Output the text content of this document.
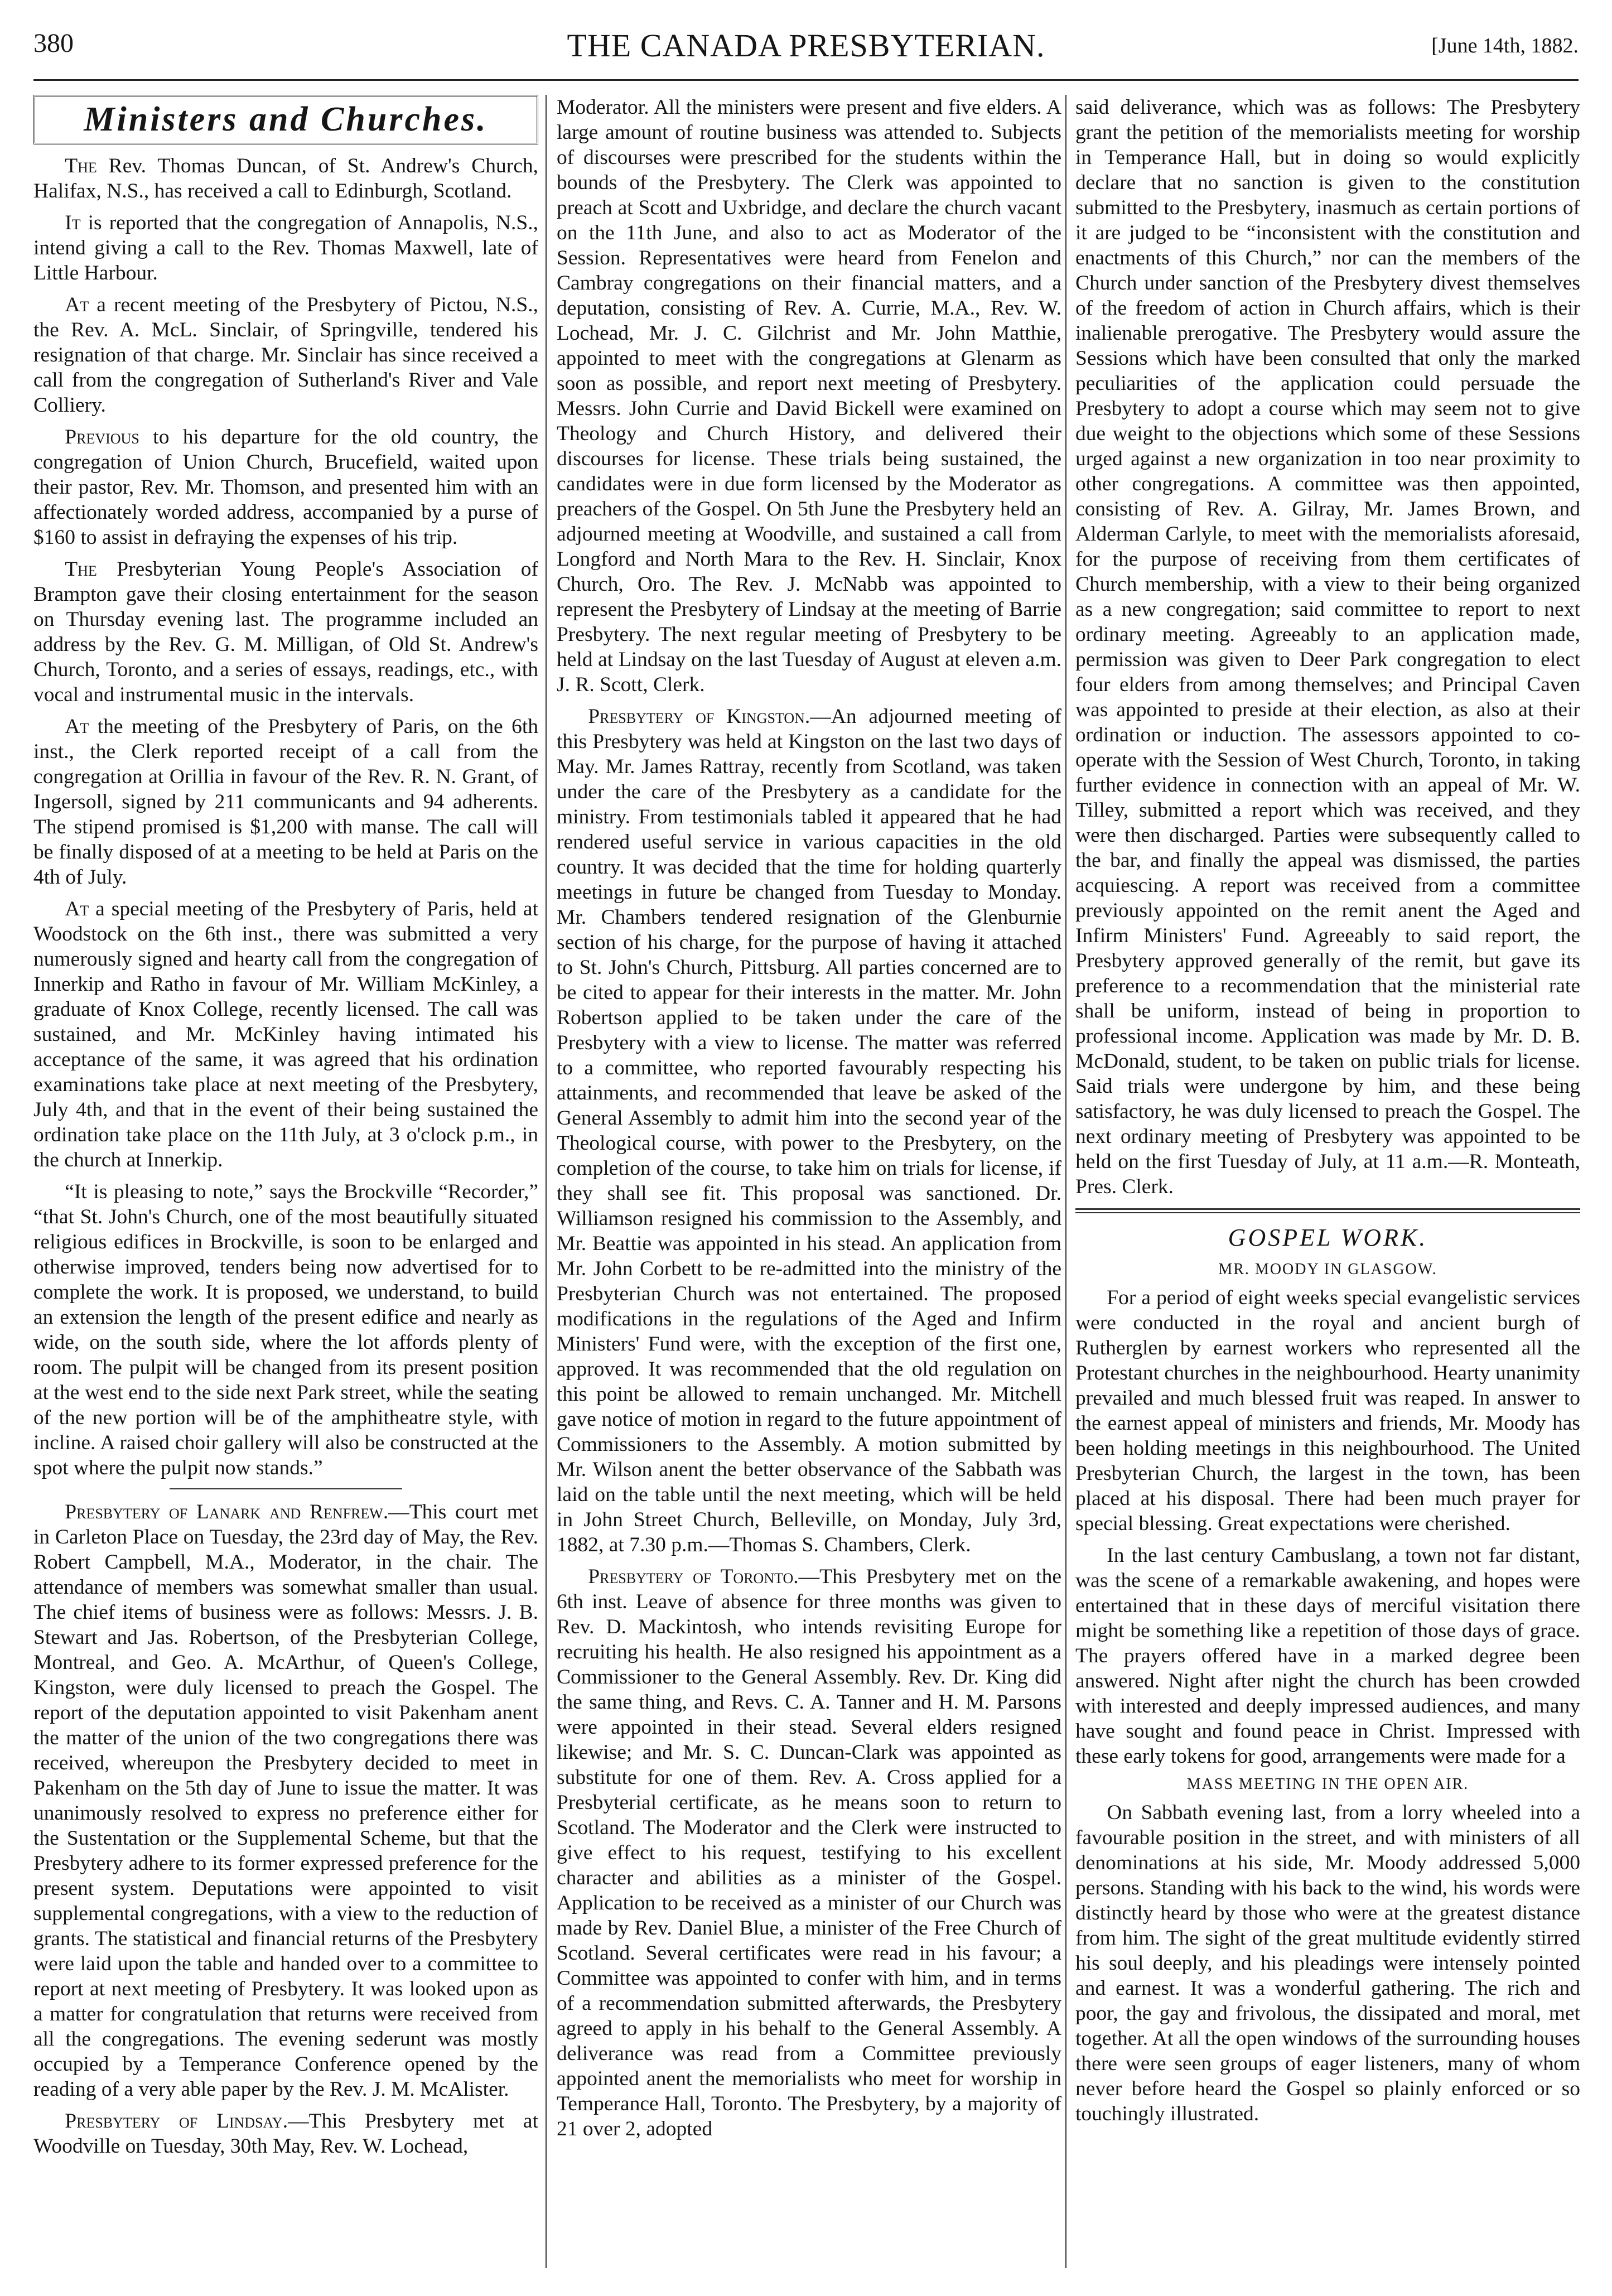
380	THE CANADA PRESBYTERIAN.	[June 14th, 1882.
Ministers and Churches.

The Rev. Thomas Duncan, of St. Andrew's Church, Halifax, N.S., has received a call to Edinburgh, Scotland.

It is reported that the congregation of Annapolis, N.S., intend giving a call to the Rev. Thomas Maxwell, late of Little Harbour.

At a recent meeting of the Presbytery of Pictou, N.S., the Rev. A. McL. Sinclair, of Springville, tendered his resignation of that charge. Mr. Sinclair has since received a call from the congregation of Sutherland's River and Vale Colliery.

Previous to his departure for the old country, the congregation of Union Church, Brucefield, waited upon their pastor, Rev. Mr. Thomson, and presented him with an affectionately worded address, accompanied by a purse of $160 to assist in defraying the expenses of his trip.

The Presbyterian Young People's Association of Brampton gave their closing entertainment for the season on Thursday evening last. The programme included an address by the Rev. G. M. Milligan, of Old St. Andrew's Church, Toronto, and a series of essays, readings, etc., with vocal and instrumental music in the intervals.

At the meeting of the Presbytery of Paris, on the 6th inst., the Clerk reported receipt of a call from the congregation at Orillia in favour of the Rev. R. N. Grant, of Ingersoll, signed by 211 communicants and 94 adherents. The stipend promised is $1,200 with manse. The call will be finally disposed of at a meeting to be held at Paris on the 4th of July.

At a special meeting of the Presbytery of Paris, held at Woodstock on the 6th inst., there was submitted a very numerously signed and hearty call from the congregation of Innerkip and Ratho in favour of Mr. William McKinley, a graduate of Knox College, recently licensed. The call was sustained, and Mr. McKinley having intimated his acceptance of the same, it was agreed that his ordination examinations take place at next meeting of the Presbytery, July 4th, and that in the event of their being sustained the ordination take place on the 11th July, at 3 o'clock p.m., in the church at Innerkip.

“It is pleasing to note,” says the Brockville “Recorder,” “that St. John's Church, one of the most beautifully situated religious edifices in Brockville, is soon to be enlarged and otherwise improved, tenders being now advertised for to complete the work. It is proposed, we understand, to build an extension the length of the present edifice and nearly as wide, on the south side, where the lot affords plenty of room. The pulpit will be changed from its present position at the west end to the side next Park street, while the seating of the new portion will be of the amphitheatre style, with incline. A raised choir gallery will also be constructed at the spot where the pulpit now stands.”

Presbytery of Lanark and Renfrew.—This court met in Carleton Place on Tuesday, the 23rd day of May, the Rev. Robert Campbell, M.A., Moderator, in the chair. The attendance of members was somewhat smaller than usual. The chief items of business were as follows: Messrs. J. B. Stewart and Jas. Robertson, of the Presbyterian College, Montreal, and Geo. A. McArthur, of Queen's College, Kingston, were duly licensed to preach the Gospel. The report of the deputation appointed to visit Pakenham anent the matter of the union of the two congregations there was received, whereupon the Presbytery decided to meet in Pakenham on the 5th day of June to issue the matter. It was unanimously resolved to express no preference either for the Sustentation or the Supplemental Scheme, but that the Presbytery adhere to its former expressed preference for the present system. Deputations were appointed to visit supplemental congregations, with a view to the reduction of grants. The statistical and financial returns of the Presbytery were laid upon the table and handed over to a committee to report at next meeting of Presbytery. It was looked upon as a matter for congratulation that returns were received from all the congregations. The evening sederunt was mostly occupied by a Temperance Conference opened by the reading of a very able paper by the Rev. J. M. McAlister.

Presbytery of Lindsay.—This Presbytery met at Woodville on Tuesday, 30th May, Rev. W. Lochead,

Moderator. All the ministers were present and five elders. A large amount of routine business was attended to. Subjects of discourses were prescribed for the students within the bounds of the Presbytery. The Clerk was appointed to preach at Scott and Uxbridge, and declare the church vacant on the 11th June, and also to act as Moderator of the Session. Representatives were heard from Fenelon and Cambray congregations on their financial matters, and a deputation, consisting of Rev. A. Currie, M.A., Rev. W. Lochead, Mr. J. C. Gilchrist and Mr. John Matthie, appointed to meet with the congregations at Glenarm as soon as possible, and report next meeting of Presbytery. Messrs. John Currie and David Bickell were examined on Theology and Church History, and delivered their discourses for license. These trials being sustained, the candidates were in due form licensed by the Moderator as preachers of the Gospel. On 5th June the Presbytery held an adjourned meeting at Woodville, and sustained a call from Longford and North Mara to the Rev. H. Sinclair, Knox Church, Oro. The Rev. J. McNabb was appointed to represent the Presbytery of Lindsay at the meeting of Barrie Presbytery. The next regular meeting of Presbytery to be held at Lindsay on the last Tuesday of August at eleven a.m. J. R. Scott, Clerk.

Presbytery of Kingston.—An adjourned meeting of this Presbytery was held at Kingston on the last two days of May. Mr. James Rattray, recently from Scotland, was taken under the care of the Presbytery as a candidate for the ministry. From testimonials tabled it appeared that he had rendered useful service in various capacities in the old country. It was decided that the time for holding quarterly meetings in future be changed from Tuesday to Monday. Mr. Chambers tendered resignation of the Glenburnie section of his charge, for the purpose of having it attached to St. John's Church, Pittsburg. All parties concerned are to be cited to appear for their interests in the matter. Mr. John Robertson applied to be taken under the care of the Presbytery with a view to license. The matter was referred to a committee, who reported favourably respecting his attainments, and recommended that leave be asked of the General Assembly to admit him into the second year of the Theological course, with power to the Presbytery, on the completion of the course, to take him on trials for license, if they shall see fit. This proposal was sanctioned. Dr. Williamson resigned his commission to the Assembly, and Mr. Beattie was appointed in his stead. An application from Mr. John Corbett to be re-admitted into the ministry of the Presbyterian Church was not entertained. The proposed modifications in the regulations of the Aged and Infirm Ministers' Fund were, with the exception of the first one, approved. It was recommended that the old regulation on this point be allowed to remain unchanged. Mr. Mitchell gave notice of motion in regard to the future appointment of Commissioners to the Assembly. A motion submitted by Mr. Wilson anent the better observance of the Sabbath was laid on the table until the next meeting, which will be held in John Street Church, Belleville, on Monday, July 3rd, 1882, at 7.30 p.m.—Thomas S. Chambers, Clerk.

Presbytery of Toronto.—This Presbytery met on the 6th inst. Leave of absence for three months was given to Rev. D. Mackintosh, who intends revisiting Europe for recruiting his health. He also resigned his appointment as a Commissioner to the General Assembly. Rev. Dr. King did the same thing, and Revs. C. A. Tanner and H. M. Parsons were appointed in their stead. Several elders resigned likewise; and Mr. S. C. Duncan-Clark was appointed as substitute for one of them. Rev. A. Cross applied for a Presbyterial certificate, as he means soon to return to Scotland. The Moderator and the Clerk were instructed to give effect to his request, testifying to his excellent character and abilities as a minister of the Gospel. Application to be received as a minister of our Church was made by Rev. Daniel Blue, a minister of the Free Church of Scotland. Several certificates were read in his favour; a Committee was appointed to confer with him, and in terms of a recommendation submitted afterwards, the Presbytery agreed to apply in his behalf to the General Assembly. A deliverance was read from a Committee previously appointed anent the memorialists who meet for worship in Temperance Hall, Toronto. The Presbytery, by a majority of 21 over 2, adopted

said deliverance, which was as follows: The Presbytery grant the petition of the memorialists meeting for worship in Temperance Hall, but in doing so would explicitly declare that no sanction is given to the constitution submitted to the Presbytery, inasmuch as certain portions of it are judged to be “inconsistent with the constitution and enactments of this Church,” nor can the members of the Church under sanction of the Presbytery divest themselves of the freedom of action in Church affairs, which is their inalienable prerogative. The Presbytery would assure the Sessions which have been consulted that only the marked peculiarities of the application could persuade the Presbytery to adopt a course which may seem not to give due weight to the objections which some of these Sessions urged against a new organization in too near proximity to other congregations. A committee was then appointed, consisting of Rev. A. Gilray, Mr. James Brown, and Alderman Carlyle, to meet with the memorialists aforesaid, for the purpose of receiving from them certificates of Church membership, with a view to their being organized as a new congregation; said committee to report to next ordinary meeting. Agreeably to an application made, permission was given to Deer Park congregation to elect four elders from among themselves; and Principal Caven was appointed to preside at their election, as also at their ordination or induction. The assessors appointed to co-operate with the Session of West Church, Toronto, in taking further evidence in connection with an appeal of Mr. W. Tilley, submitted a report which was received, and they were then discharged. Parties were subsequently called to the bar, and finally the appeal was dismissed, the parties acquiescing. A report was received from a committee previously appointed on the remit anent the Aged and Infirm Ministers' Fund. Agreeably to said report, the Presbytery approved generally of the remit, but gave its preference to a recommendation that the ministerial rate shall be uniform, instead of being in proportion to professional income. Application was made by Mr. D. B. McDonald, student, to be taken on public trials for license. Said trials were undergone by him, and these being satisfactory, he was duly licensed to preach the Gospel. The next ordinary meeting of Presbytery was appointed to be held on the first Tuesday of July, at 11 a.m.—R. Monteath, Pres. Clerk.

GOSPEL WORK.
MR. MOODY IN GLASGOW.

For a period of eight weeks special evangelistic services were conducted in the royal and ancient burgh of Rutherglen by earnest workers who represented all the Protestant churches in the neighbourhood. Hearty unanimity prevailed and much blessed fruit was reaped. In answer to the earnest appeal of ministers and friends, Mr. Moody has been holding meetings in this neighbourhood. The United Presbyterian Church, the largest in the town, has been placed at his disposal. There had been much prayer for special blessing. Great expectations were cherished.

In the last century Cambuslang, a town not far distant, was the scene of a remarkable awakening, and hopes were entertained that in these days of merciful visitation there might be something like a repetition of those days of grace. The prayers offered have in a marked degree been answered. Night after night the church has been crowded with interested and deeply impressed audiences, and many have sought and found peace in Christ. Impressed with these early tokens for good, arrangements were made for a

MASS MEETING IN THE OPEN AIR.

On Sabbath evening last, from a lorry wheeled into a favourable position in the street, and with ministers of all denominations at his side, Mr. Moody addressed 5,000 persons. Standing with his back to the wind, his words were distinctly heard by those who were at the greatest distance from him. The sight of the great multitude evidently stirred his soul deeply, and his pleadings were intensely pointed and earnest. It was a wonderful gathering. The rich and poor, the gay and frivolous, the dissipated and moral, met together. At all the open windows of the surrounding houses there were seen groups of eager listeners, many of whom never before heard the Gospel so plainly enforced or so touchingly illustrated.
